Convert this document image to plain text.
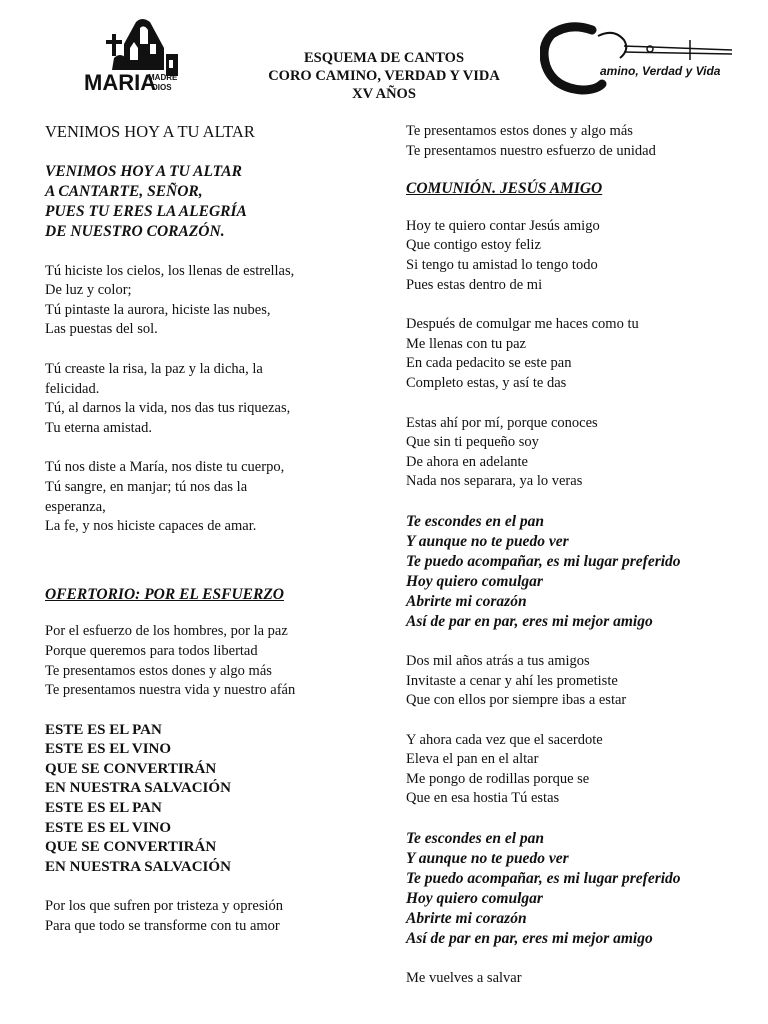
MARIA
MADRE
DIOS
ESQUEMA DE CANTOS
CORO CAMINO, VERDAD Y VIDA
XV AÑOS
amino, Verdad y Vida

VENIMOS HOY A TU ALTAR

VENIMOS HOY A TU ALTAR

A CANTARTE, SEÑOR,

PUES TU ERES LA ALEGRÍA

DE NUESTRO CORAZÓN.

Tú hiciste los cielos, los llenas de estrellas,

De luz y color;

Tú pintaste la aurora, hiciste las nubes,

Las puestas del sol.

Tú creaste la risa, la paz y la dicha, la

felicidad.

Tú, al darnos la vida, nos das tus riquezas,

Tu eterna amistad.

Tú nos diste a María, nos diste tu cuerpo,

Tú sangre, en manjar; tú nos das la

esperanza,

La fe, y nos hiciste capaces de amar.

OFERTORIO: POR EL ESFUERZO

Por el esfuerzo de los hombres, por la paz

Porque queremos para todos libertad

Te presentamos estos dones y algo más

Te presentamos nuestra vida y nuestro afán

ESTE ES EL PAN

ESTE ES EL VINO

QUE SE CONVERTIRÁN

EN NUESTRA SALVACIÓN

ESTE ES EL PAN

ESTE ES EL VINO

QUE SE CONVERTIRÁN

EN NUESTRA SALVACIÓN

Por los que sufren por tristeza y opresión

Para que todo se transforme con tu amor

Te presentamos estos dones y algo más

Te presentamos nuestro esfuerzo de unidad

COMUNIÓN. JESÚS AMIGO

Hoy te quiero contar Jesús amigo

Que contigo estoy feliz

Si tengo tu amistad lo tengo todo

Pues estas dentro de mi

Después de comulgar me haces como tu

Me llenas con tu paz

En cada pedacito se este pan

Completo estas, y así te das

Estas ahí por mí, porque conoces

Que sin ti pequeño soy

De ahora en adelante

Nada nos separara, ya lo veras

Te escondes en el pan

Y aunque no te puedo ver

Te puedo acompañar, es mi lugar preferido

Hoy quiero comulgar

Abrirte mi corazón

Así de par en par, eres mi mejor amigo

Dos mil años atrás a tus amigos

Invitaste a cenar y ahí les prometiste

Que con ellos por siempre ibas a estar

Y ahora cada vez que el sacerdote

Eleva el pan en el altar

Me pongo de rodillas porque se

Que en esa hostia Tú estas

Te escondes en el pan

Y aunque no te puedo ver

Te puedo acompañar, es mi lugar preferido

Hoy quiero comulgar

Abrirte mi corazón

Así de par en par, eres mi mejor amigo

Me vuelves a salvar
